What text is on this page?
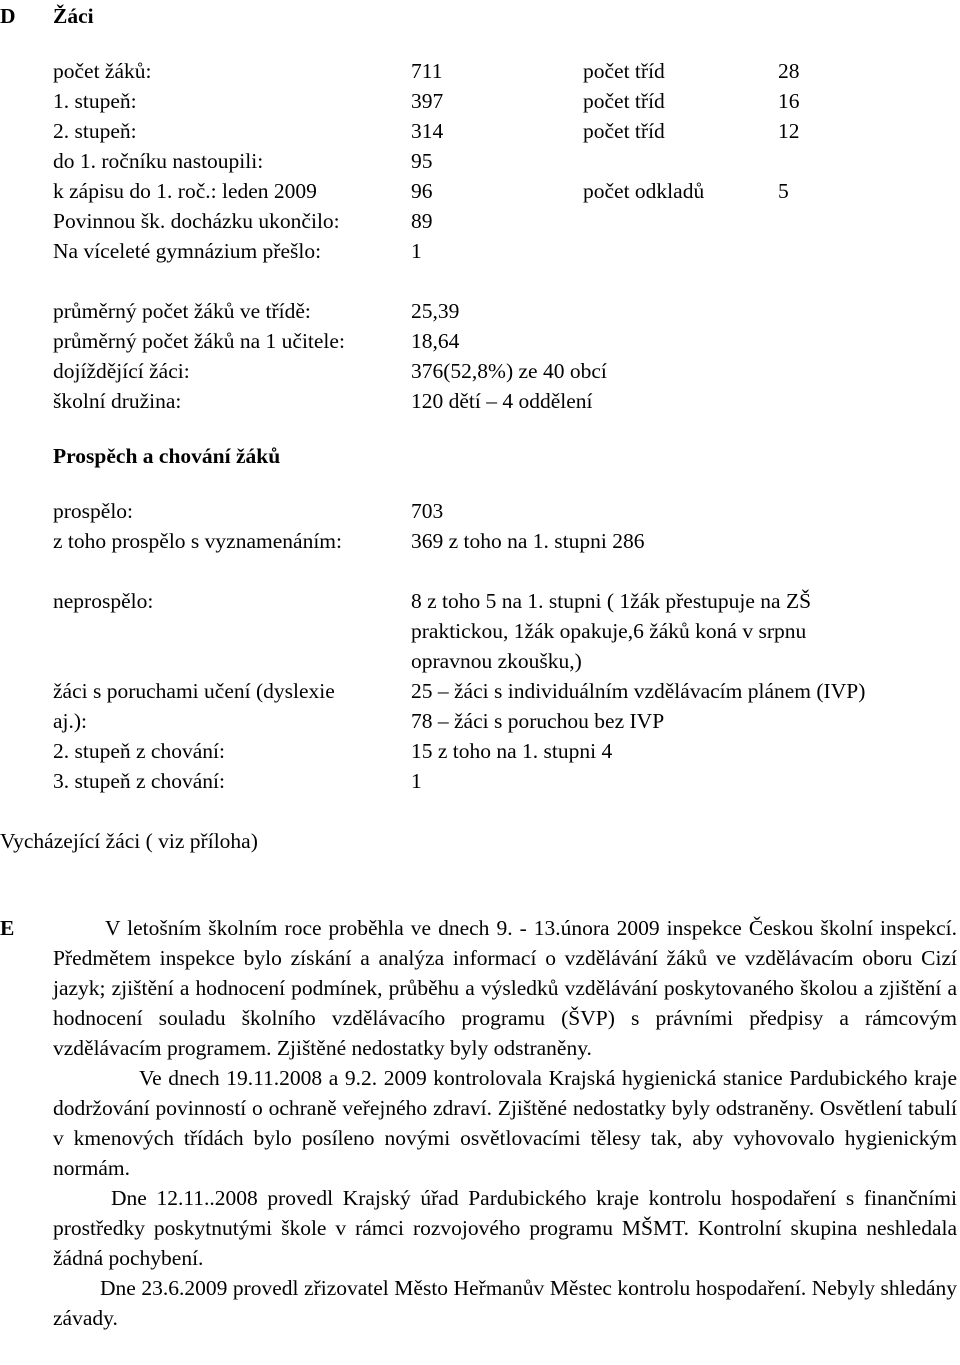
D Žáci
počet žáků:	711	počet tříd	28
1. stupeň:	397	počet tříd	16
2. stupeň:	314	počet tříd	12
do 1. ročníku nastoupili:	95
k zápisu do 1. roč.: leden 2009	96	počet odkladů	5
Povinnou šk. docházku ukončilo:	89
Na víceleté gymnázium přešlo:	1
průměrný počet žáků ve třídě:	25,39
průměrný počet žáků na 1 učitele:	18,64
dojíždějící žáci:	376(52,8%) ze 40 obcí
školní družina:	120 dětí – 4 oddělení
Prospěch a chování žáků
prospělo:	703
z toho prospělo s vyznamenáním:	369 z toho na 1. stupni 286
neprospělo:	8 z toho 5 na 1. stupni ( 1žák přestupuje na ZŠ
praktickou, 1žák opakuje,6 žáků koná v srpnu
opravnou zkoušku,)
žáci s poruchami učení (dyslexie	25 – žáci s individuálním vzdělávacím plánem (IVP)
aj.):	78 – žáci s poruchou bez IVP
2. stupeň z chování:	15 z toho na 1. stupni 4
3. stupeň z chování:	1
Vycházející žáci ( viz příloha)
E	V letošním školním roce proběhla ve dnech 9. - 13.února 2009 inspekce Českou školní inspekcí. Předmětem inspekce bylo získání a analýza informací o vzdělávání žáků ve vzdělávacím oboru Cizí jazyk; zjištění a hodnocení podmínek, průběhu a výsledků vzdělávání poskytovaného školou a zjištění a hodnocení souladu školního vzdělávacího programu (ŠVP) s právními předpisy a rámcovým vzdělávacím programem. Zjištěné nedostatky byly odstraněny.

Ve dnech 19.11.2008 a 9.2. 2009 kontrolovala Krajská hygienická stanice Pardubického kraje dodržování povinností o ochraně veřejného zdraví. Zjištěné nedostatky byly odstraněny. Osvětlení tabulí v kmenových třídách bylo posíleno novými osvětlovacími tělesy tak, aby vyhovovalo hygienickým normám.

Dne 12.11..2008 provedl Krajský úřad Pardubického kraje kontrolu hospodaření s finančními prostředky poskytnutými škole v rámci rozvojového programu MŠMT. Kontrolní skupina neshledala žádná pochybení.

Dne 23.6.2009 provedl zřizovatel Město Heřmanův Městec kontrolu hospodaření. Nebyly shledány závady.
